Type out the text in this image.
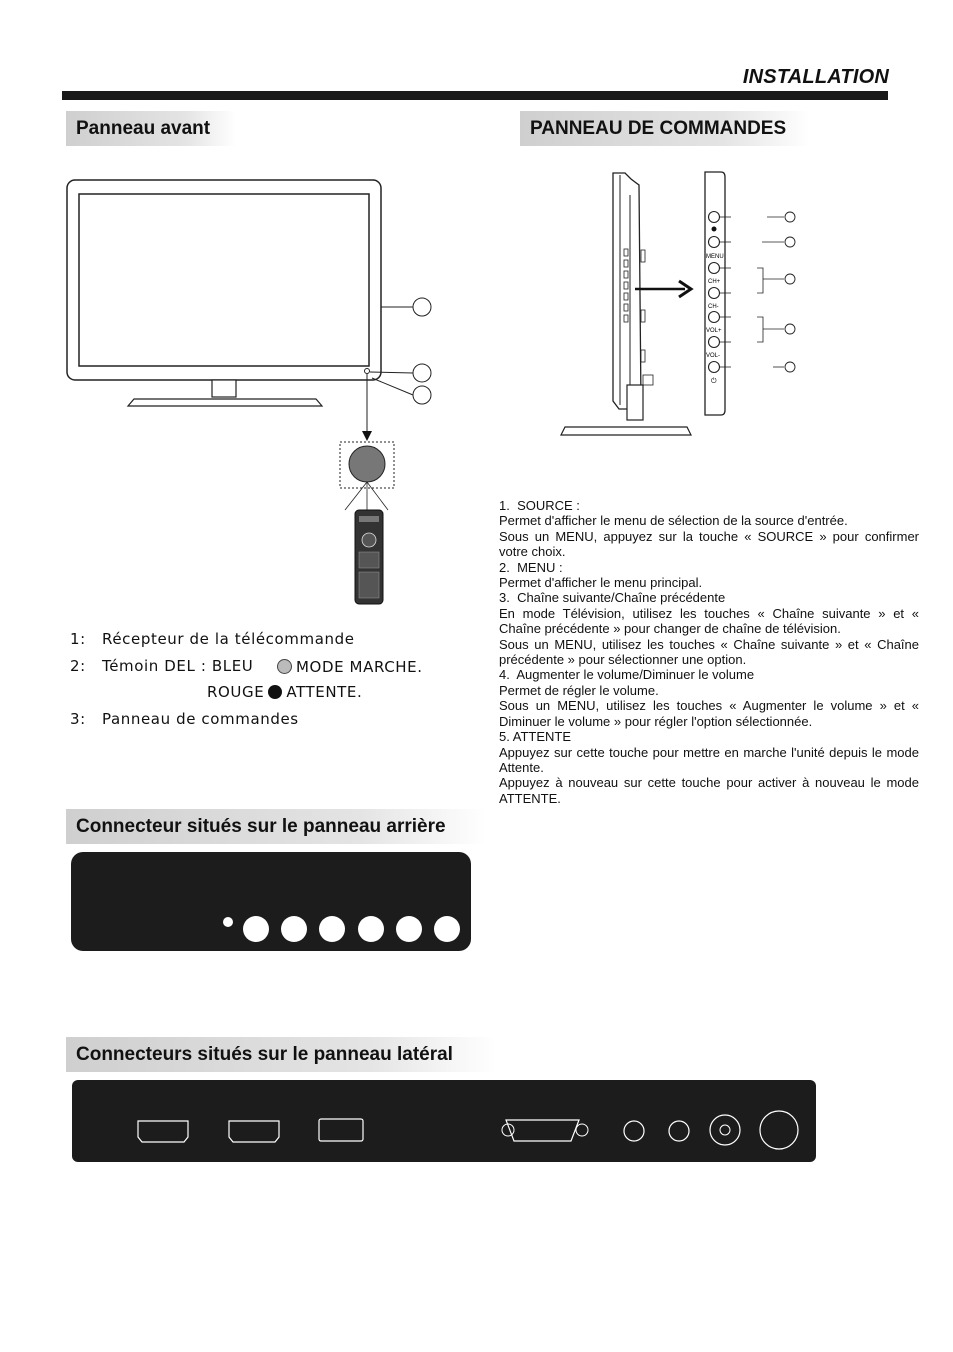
INSTALLATION
Panneau avant	PANNEAU DE COMMANDES
Connecteur situés sur le panneau arrière
Connecteurs situés sur le panneau latéral
1: Récepteur de la télécommande
2: Témoin DEL : BLEU	MODE MARCHE.
ROUGE ATTENTE.
3: Panneau de commandes
MENU
CH+
CH-
VOL+
VOL-
⏻
1.  SOURCE :
Permet d'afficher le menu de sélection de la source d'entrée.
Sous un MENU, appuyez sur la touche « SOURCE » pour confirmer votre choix.
2.  MENU :
Permet d'afficher le menu principal.
3.  Chaîne suivante/Chaîne précédente
En mode Télévision, utilisez les touches « Chaîne suivante » et « Chaîne précédente » pour changer de chaîne de télévision.
Sous un MENU, utilisez les touches « Chaîne suivante » et « Chaîne précédente » pour sélectionner une option.
4.  Augmenter le volume/Diminuer le volume
Permet de régler le volume.
Sous un MENU, utilisez les touches « Augmenter le volume » et « Diminuer le volume » pour régler l'option sélectionnée.
5. ATTENTE
Appuyez sur cette touche pour mettre en marche l'unité depuis le mode Attente.
Appuyez à nouveau sur cette touche pour activer à nouveau le mode ATTENTE.
